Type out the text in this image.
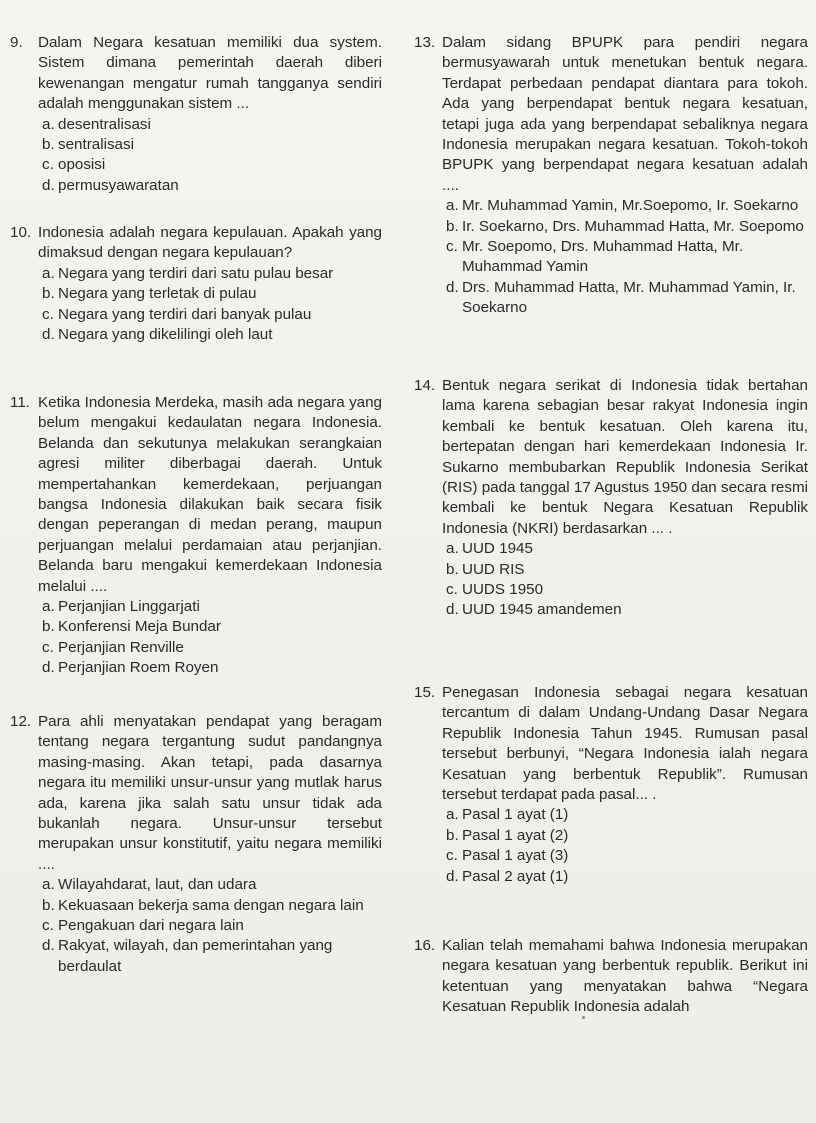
9. Dalam Negara kesatuan memiliki dua system. Sistem dimana pemerintah daerah diberi kewenangan mengatur rumah tangganya sendiri adalah menggunakan sistem ...
a. desentralisasi
b. sentralisasi
c. oposisi
d. permusyawaratan
10. Indonesia adalah negara kepulauan. Apakah yang dimaksud dengan negara kepulauan?
a. Negara yang terdiri dari satu pulau besar
b. Negara yang terletak di pulau
c. Negara yang terdiri dari banyak pulau
d. Negara yang dikelilingi oleh laut
11. Ketika Indonesia Merdeka, masih ada negara yang belum mengakui kedaulatan negara Indonesia. Belanda dan sekutunya melakukan serangkaian agresi militer diberbagai daerah. Untuk mempertahankan kemerdekaan, perjuangan bangsa Indonesia dilakukan baik secara fisik dengan peperangan di medan perang, maupun perjuangan melalui perdamaian atau perjanjian. Belanda baru mengakui kemerdekaan Indonesia melalui ....
a. Perjanjian Linggarjati
b. Konferensi Meja Bundar
c. Perjanjian Renville
d. Perjanjian Roem Royen
12. Para ahli menyatakan pendapat yang beragam tentang negara tergantung sudut pandangnya masing-masing. Akan tetapi, pada dasarnya negara itu memiliki unsur-unsur yang mutlak harus ada, karena jika salah satu unsur tidak ada bukanlah negara. Unsur-unsur tersebut merupakan unsur konstitutif, yaitu negara memiliki ....
a. Wilayahdarat, laut, dan udara
b. Kekuasaan bekerja sama dengan negara lain
c. Pengakuan dari negara lain
d. Rakyat, wilayah, dan pemerintahan yang berdaulat
13. Dalam sidang BPUPK para pendiri negara bermusyawarah untuk menetukan bentuk negara. Terdapat perbedaan pendapat diantara para tokoh. Ada yang berpendapat bentuk negara kesatuan, tetapi juga ada yang berpendapat sebaliknya negara Indonesia merupakan negara kesatuan. Tokoh-tokoh BPUPK yang berpendapat negara kesatuan adalah ....
a. Mr. Muhammad Yamin, Mr.Soepomo, Ir. Soekarno
b. Ir. Soekarno, Drs. Muhammad Hatta, Mr. Soepomo
c. Mr. Soepomo, Drs. Muhammad Hatta, Mr. Muhammad Yamin
d. Drs. Muhammad Hatta, Mr. Muhammad Yamin, Ir. Soekarno
14. Bentuk negara serikat di Indonesia tidak bertahan lama karena sebagian besar rakyat Indonesia ingin kembali ke bentuk kesatuan. Oleh karena itu, bertepatan dengan hari kemerdekaan Indonesia Ir. Sukarno membubarkan Republik Indonesia Serikat (RIS) pada tanggal 17 Agustus 1950 dan secara resmi kembali ke bentuk Negara Kesatuan Republik Indonesia (NKRI) berdasarkan ... .
a. UUD 1945
b. UUD RIS
c. UUDS 1950
d. UUD 1945 amandemen
15. Penegasan Indonesia sebagai negara kesatuan tercantum di dalam Undang-Undang Dasar Negara Republik Indonesia Tahun 1945. Rumusan pasal tersebut berbunyi, “Negara Indonesia ialah negara Kesatuan yang berbentuk Republik”. Rumusan tersebut terdapat pada pasal... .
a. Pasal 1 ayat (1)
b. Pasal 1 ayat (2)
c. Pasal 1 ayat (3)
d. Pasal 2 ayat (1)
16. Kalian telah memahami bahwa Indonesia merupakan negara kesatuan yang berbentuk republik. Berikut ini ketentuan yang menyatakan bahwa “Negara Kesatuan Republik Indonesia adalah
